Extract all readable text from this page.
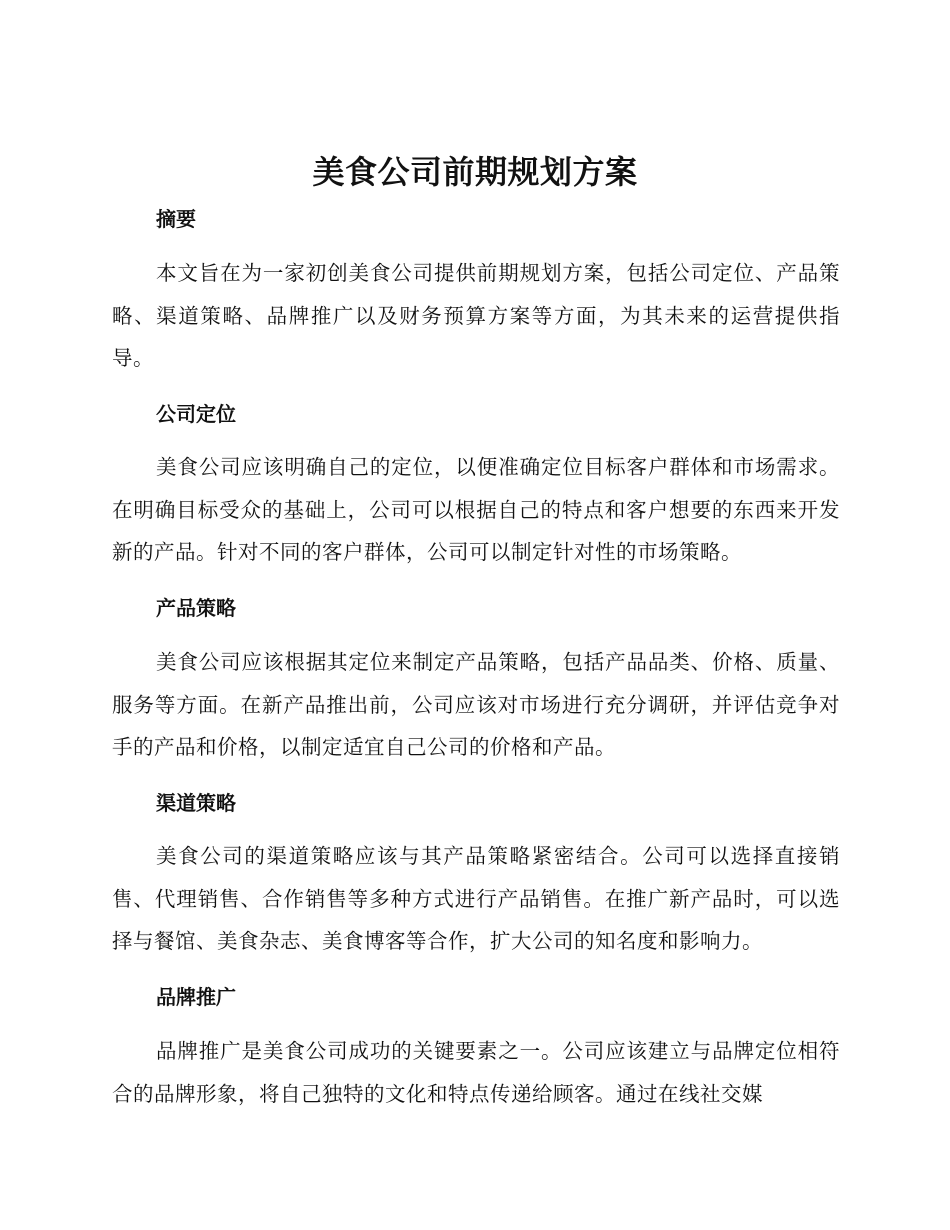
美食公司前期规划方案
摘要

本文旨在为一家初创美食公司提供前期规划方案，包括公司定位、产品策略、渠道策略、品牌推广以及财务预算方案等方面，为其未来的运营提供指导。

公司定位

美食公司应该明确自己的定位，以便准确定位目标客户群体和市场需求。在明确目标受众的基础上，公司可以根据自己的特点和客户想要的东西来开发新的产品。针对不同的客户群体，公司可以制定针对性的市场策略。

产品策略

美食公司应该根据其定位来制定产品策略，包括产品品类、价格、质量、服务等方面。在新产品推出前，公司应该对市场进行充分调研，并评估竞争对手的产品和价格，以制定适宜自己公司的价格和产品。

渠道策略

美食公司的渠道策略应该与其产品策略紧密结合。公司可以选择直接销售、代理销售、合作销售等多种方式进行产品销售。在推广新产品时，可以选择与餐馆、美食杂志、美食博客等合作，扩大公司的知名度和影响力。

品牌推广

品牌推广是美食公司成功的关键要素之一。公司应该建立与品牌定位相符合的品牌形象，将自己独特的文化和特点传递给顾客。通过在线社交媒
